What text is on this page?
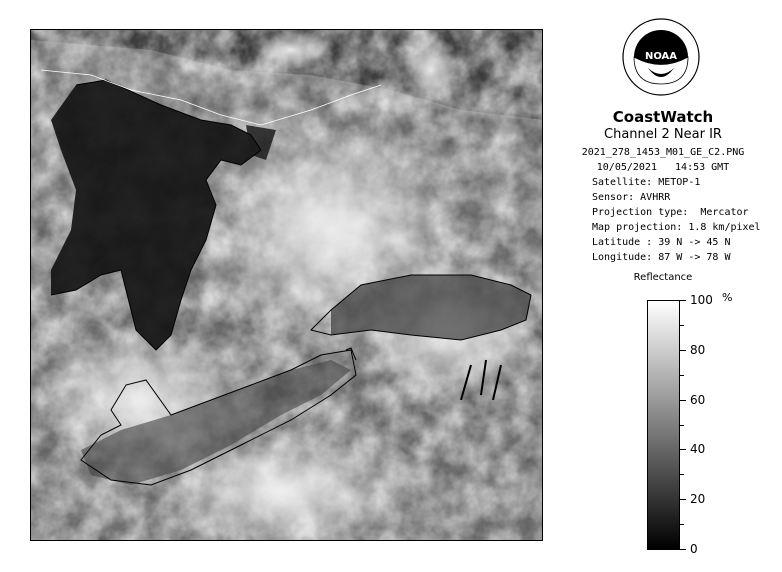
NOAA
CoastWatch
Channel 2 Near IR
2021_278_1453_M01_GE_C2.PNG
10/05/2021   14:53 GMT
Satellite: METOP-1
Sensor: AVHRR
Projection type:  Mercator
Map projection: 1.8 km/pixel
Latitude : 39 N -> 45 N
Longitude: 87 W -> 78 W
Reflectance
%
100
80
60
40
20
0
